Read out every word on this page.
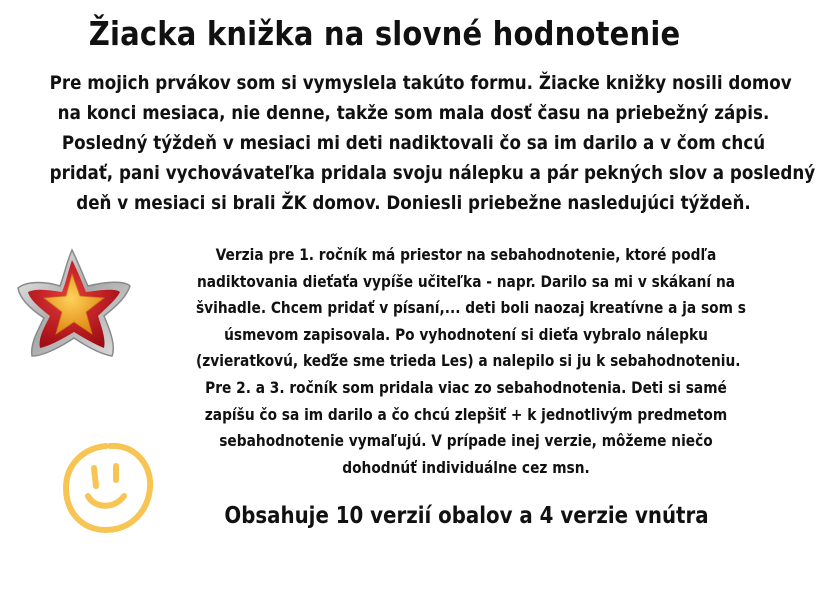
Žiacka knižka na slovné hodnotenie
Pre mojich prvákov som si vymyslela takúto formu. Žiacke knižky nosili domov
na konci mesiaca, nie denne, takže som mala dosť času na priebežný zápis.
Posledný týždeň v mesiaci mi deti nadiktovali čo sa im darilo a v čom chcú
pridať, pani vychovávateľka pridala svoju nálepku a pár pekných slov a posledný
deň v mesiaci si brali ŽK domov. Doniesli priebežne nasledujúci týždeň.
Verzia pre 1. ročník má priestor na sebahodnotenie, ktoré podľa
nadiktovania dieťaťa vypíše učiteľka - napr. Darilo sa mi v skákaní na
švihadle. Chcem pridať v písaní,... deti boli naozaj kreatívne a ja som s
úsmevom zapisovala. Po vyhodnotení si dieťa vybralo nálepku
(zvieratkovú, keďže sme trieda Les) a nalepilo si ju k sebahodnoteniu.
Pre 2. a 3. ročník som pridala viac zo sebahodnotenia. Deti si samé
zapíšu čo sa im darilo a čo chcú zlepšiť + k jednotlivým predmetom
sebahodnotenie vymaľujú. V prípade inej verzie, môžeme niečo
dohodnúť individuálne cez msn.
Obsahuje 10 verzií obalov a 4 verzie vnútra
